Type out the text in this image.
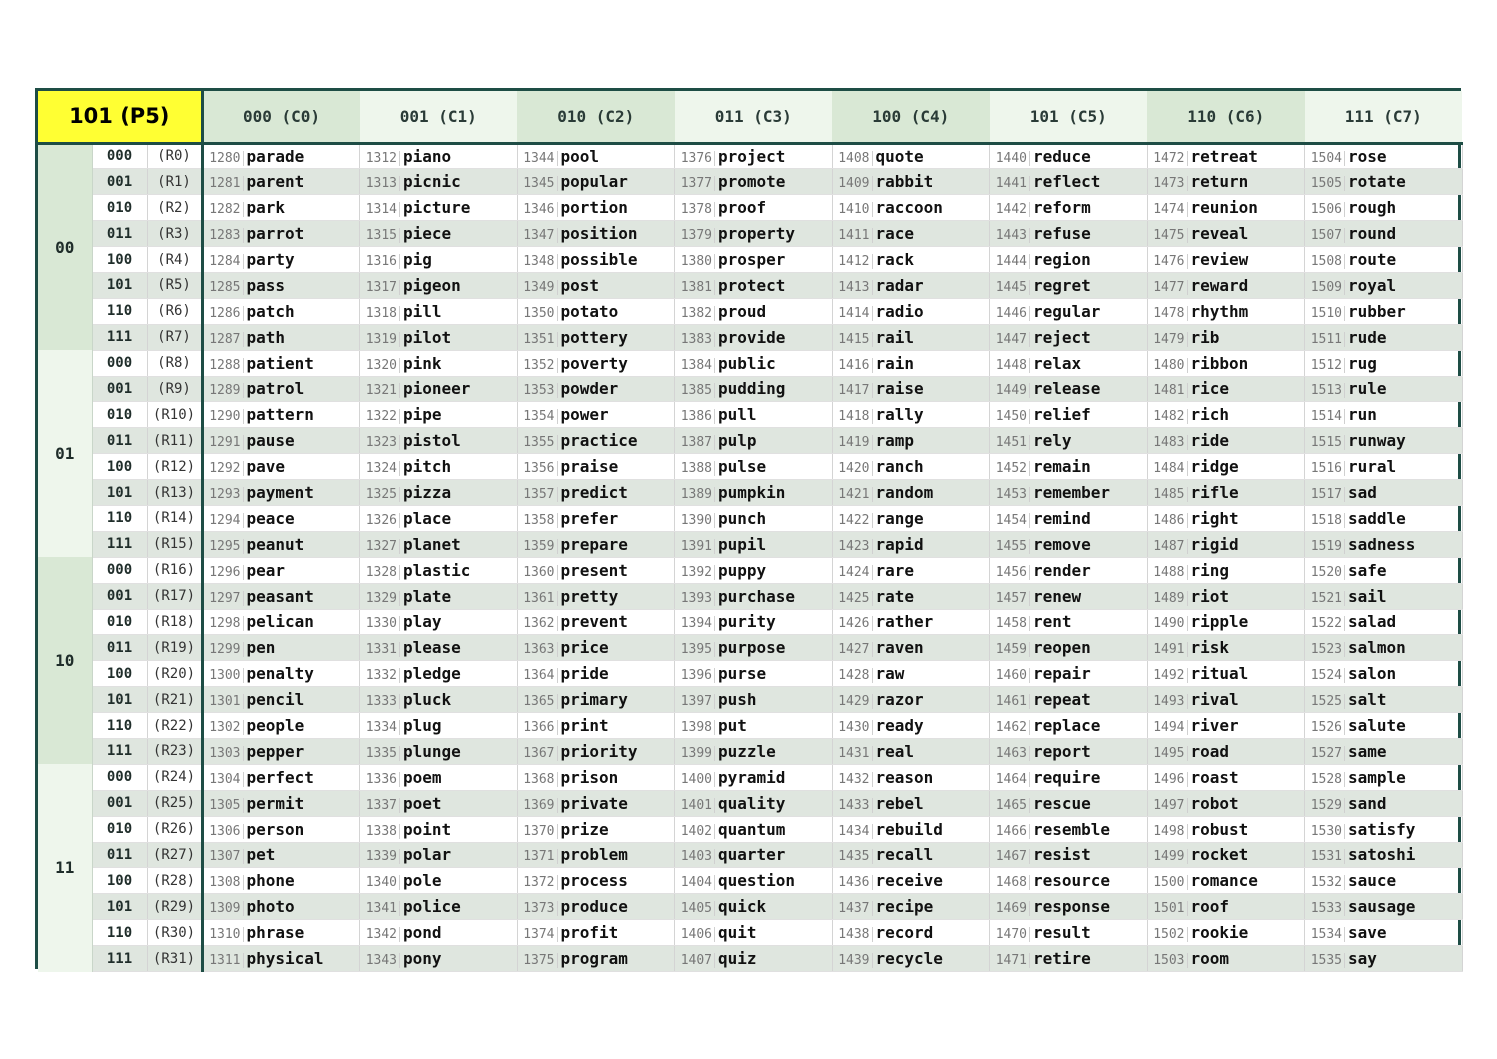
101 (P5)			000 (C0)	001 (C1)	010 (C2)	011 (C3)	100 (C4)	101 (C5)	110 (C6)	111 (C7)
00	000	(R0)	1280 parade	1312 piano	1344 pool	1376 project	1408 quote	1440 reduce	1472 retreat	1504 rose
	001	(R1)	1281 parent	1313 picnic	1345 popular	1377 promote	1409 rabbit	1441 reflect	1473 return	1505 rotate
	010	(R2)	1282 park	1314 picture	1346 portion	1378 proof	1410 raccoon	1442 reform	1474 reunion	1506 rough
	011	(R3)	1283 parrot	1315 piece	1347 position	1379 property	1411 race	1443 refuse	1475 reveal	1507 round
	100	(R4)	1284 party	1316 pig	1348 possible	1380 prosper	1412 rack	1444 region	1476 review	1508 route
	101	(R5)	1285 pass	1317 pigeon	1349 post	1381 protect	1413 radar	1445 regret	1477 reward	1509 royal
	110	(R6)	1286 patch	1318 pill	1350 potato	1382 proud	1414 radio	1446 regular	1478 rhythm	1510 rubber
	111	(R7)	1287 path	1319 pilot	1351 pottery	1383 provide	1415 rail	1447 reject	1479 rib	1511 rude
01	000	(R8)	1288 patient	1320 pink	1352 poverty	1384 public	1416 rain	1448 relax	1480 ribbon	1512 rug
	001	(R9)	1289 patrol	1321 pioneer	1353 powder	1385 pudding	1417 raise	1449 release	1481 rice	1513 rule
	010	(R10)	1290 pattern	1322 pipe	1354 power	1386 pull	1418 rally	1450 relief	1482 rich	1514 run
	011	(R11)	1291 pause	1323 pistol	1355 practice	1387 pulp	1419 ramp	1451 rely	1483 ride	1515 runway
	100	(R12)	1292 pave	1324 pitch	1356 praise	1388 pulse	1420 ranch	1452 remain	1484 ridge	1516 rural
	101	(R13)	1293 payment	1325 pizza	1357 predict	1389 pumpkin	1421 random	1453 remember	1485 rifle	1517 sad
	110	(R14)	1294 peace	1326 place	1358 prefer	1390 punch	1422 range	1454 remind	1486 right	1518 saddle
	111	(R15)	1295 peanut	1327 planet	1359 prepare	1391 pupil	1423 rapid	1455 remove	1487 rigid	1519 sadness
10	000	(R16)	1296 pear	1328 plastic	1360 present	1392 puppy	1424 rare	1456 render	1488 ring	1520 safe
	001	(R17)	1297 peasant	1329 plate	1361 pretty	1393 purchase	1425 rate	1457 renew	1489 riot	1521 sail
	010	(R18)	1298 pelican	1330 play	1362 prevent	1394 purity	1426 rather	1458 rent	1490 ripple	1522 salad
	011	(R19)	1299 pen	1331 please	1363 price	1395 purpose	1427 raven	1459 reopen	1491 risk	1523 salmon
	100	(R20)	1300 penalty	1332 pledge	1364 pride	1396 purse	1428 raw	1460 repair	1492 ritual	1524 salon
	101	(R21)	1301 pencil	1333 pluck	1365 primary	1397 push	1429 razor	1461 repeat	1493 rival	1525 salt
	110	(R22)	1302 people	1334 plug	1366 print	1398 put	1430 ready	1462 replace	1494 river	1526 salute
	111	(R23)	1303 pepper	1335 plunge	1367 priority	1399 puzzle	1431 real	1463 report	1495 road	1527 same
11	000	(R24)	1304 perfect	1336 poem	1368 prison	1400 pyramid	1432 reason	1464 require	1496 roast	1528 sample
	001	(R25)	1305 permit	1337 poet	1369 private	1401 quality	1433 rebel	1465 rescue	1497 robot	1529 sand
	010	(R26)	1306 person	1338 point	1370 prize	1402 quantum	1434 rebuild	1466 resemble	1498 robust	1530 satisfy
	011	(R27)	1307 pet	1339 polar	1371 problem	1403 quarter	1435 recall	1467 resist	1499 rocket	1531 satoshi
	100	(R28)	1308 phone	1340 pole	1372 process	1404 question	1436 receive	1468 resource	1500 romance	1532 sauce
	101	(R29)	1309 photo	1341 police	1373 produce	1405 quick	1437 recipe	1469 response	1501 roof	1533 sausage
	110	(R30)	1310 phrase	1342 pond	1374 profit	1406 quit	1438 record	1470 result	1502 rookie	1534 save
	111	(R31)	1311 physical	1343 pony	1375 program	1407 quiz	1439 recycle	1471 retire	1503 room	1535 say
